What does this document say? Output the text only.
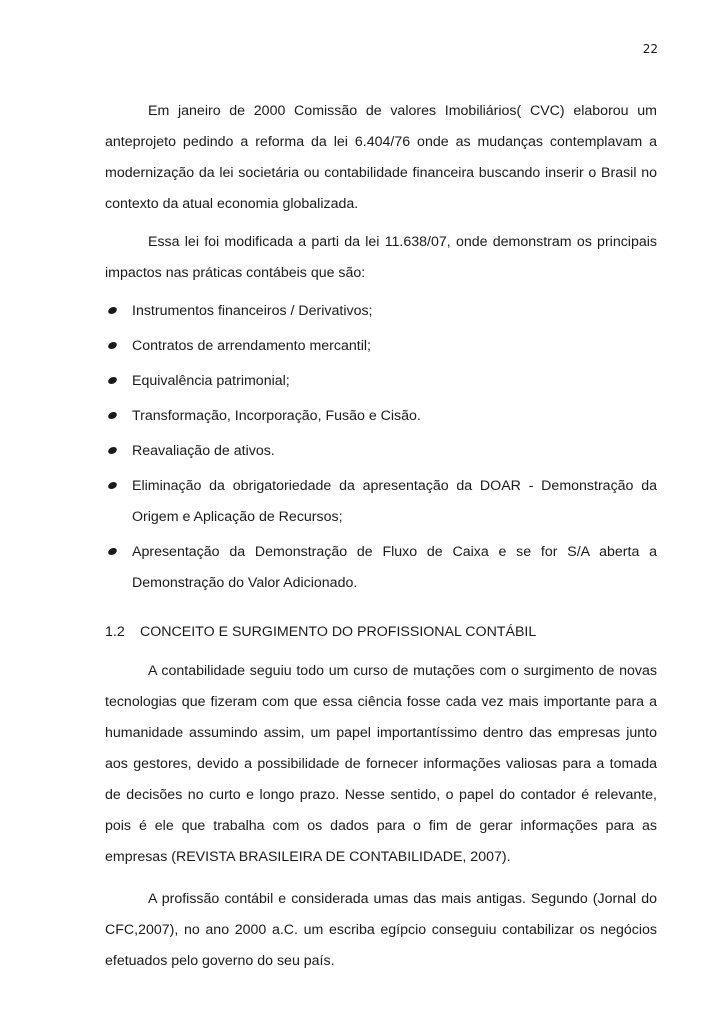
22

Em janeiro de 2000 Comissão de valores Imobiliários( CVC) elaborou um anteprojeto pedindo a reforma da lei 6.404/76 onde as mudanças contemplavam a modernização da lei societária ou contabilidade financeira buscando inserir o Brasil no contexto da atual economia globalizada.

Essa lei foi modificada a parti da lei 11.638/07, onde demonstram os principais impactos nas práticas contábeis que são:

Instrumentos financeiros / Derivativos;
Contratos de arrendamento mercantil;
Equivalência patrimonial;
Transformação, Incorporação, Fusão e Cisão.
Reavaliação de ativos.
Eliminação da obrigatoriedade da apresentação da DOAR - Demonstração da Origem e Aplicação de Recursos;
Apresentação da Demonstração de Fluxo de Caixa e se for S/A aberta a Demonstração do Valor Adicionado.
1.2	CONCEITO E SURGIMENTO DO PROFISSIONAL CONTÁBIL

A contabilidade seguiu todo um curso de mutações com o surgimento de novas tecnologias que fizeram com que essa ciência fosse cada vez mais importante para a humanidade assumindo assim, um papel importantíssimo dentro das empresas junto aos gestores, devido a possibilidade de fornecer informações valiosas para a tomada de decisões no curto e longo prazo. Nesse sentido, o papel do contador é relevante, pois é ele que trabalha com os dados para o fim de gerar informações para as empresas (REVISTA BRASILEIRA DE CONTABILIDADE, 2007).

A profissão contábil e considerada umas das mais antigas. Segundo (Jornal do CFC,2007), no ano 2000 a.C. um escriba egípcio conseguiu contabilizar os negócios efetuados pelo governo do seu país.
